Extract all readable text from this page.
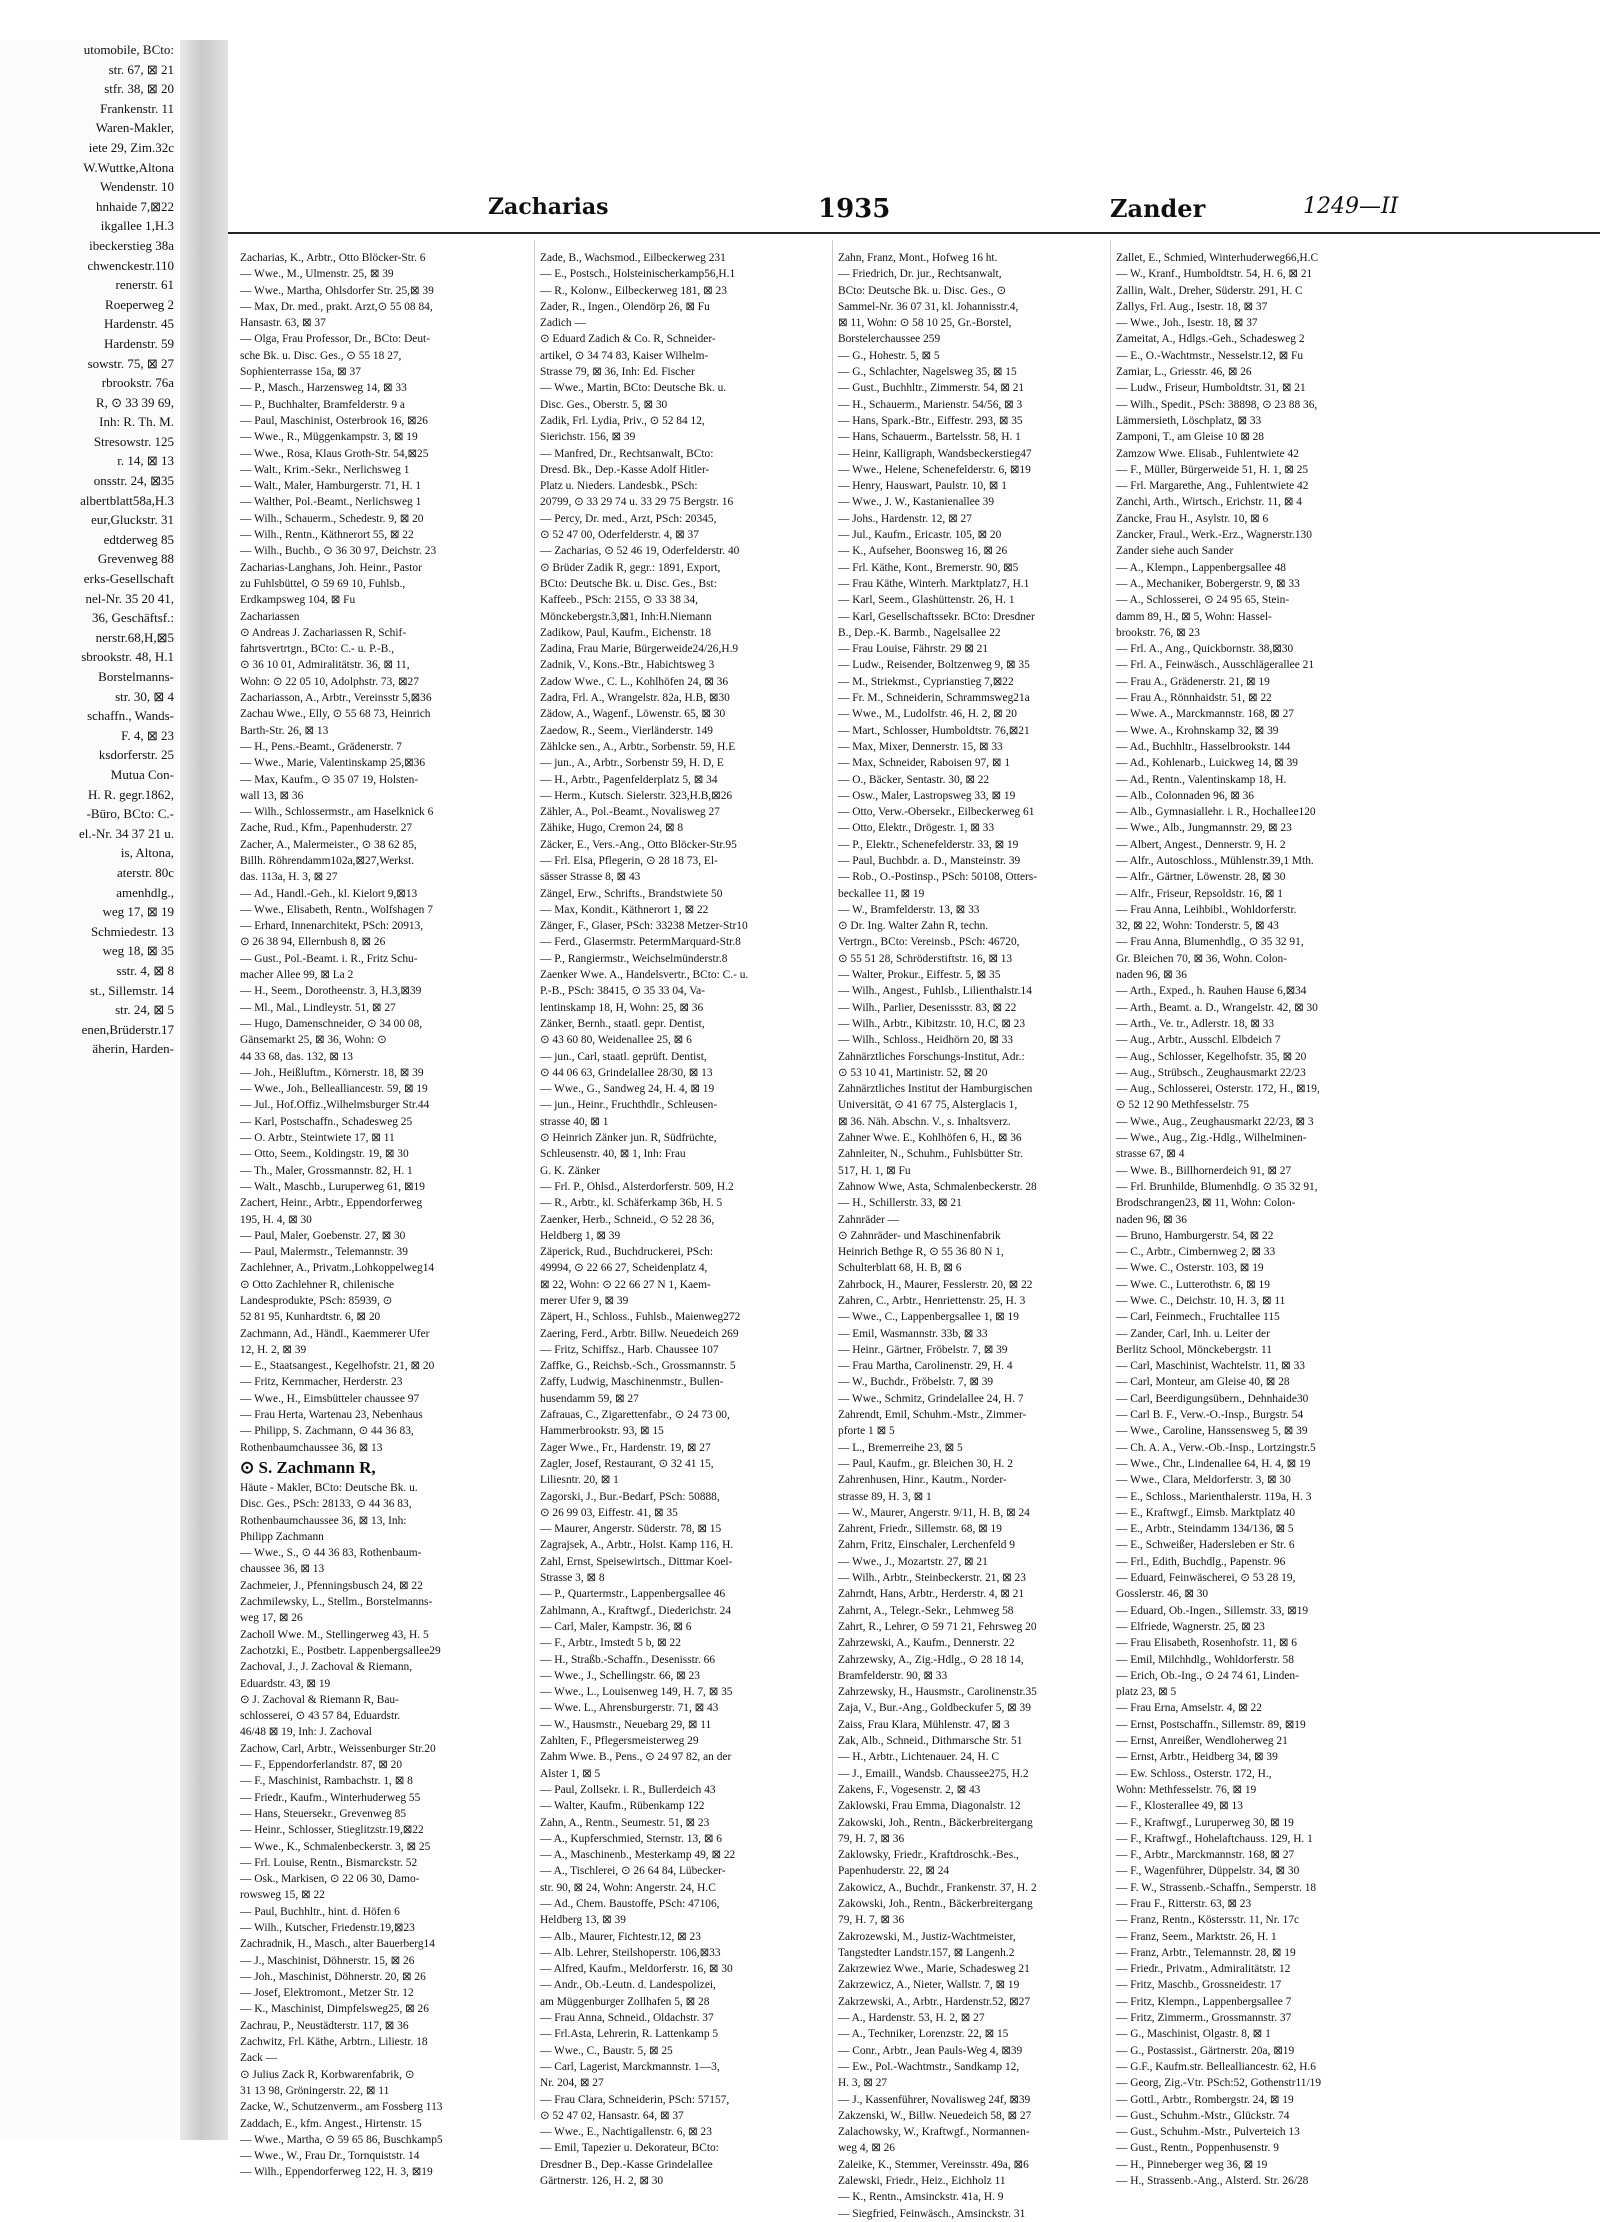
utomobile, BCto:
str. 67, ⊠ 21
stfr. 38, ⊠ 20
Frankenstr. 11
Waren-Makler,
iete 29, Zim.32c
W.Wuttke,Altona
Wendenstr. 10
hnhaide 7,⊠22
ikgallee 1,H.3
ibeckerstieg 38a
chwenckestr.110
renerstr. 61
Roeperweg 2
Hardenstr. 45
Hardenstr. 59
sowstr. 75, ⊠ 27
rbrookstr. 76a
R, ⊙ 33 39 69,
Inh: R. Th. M.
Stresowstr. 125
r. 14, ⊠ 13
onsstr. 24, ⊠35
albertblatt58a,H.3
eur,Gluckstr. 31
edtderweg 85
Grevenweg 88
erks-Gesellschaft
nel-Nr. 35 20 41,
36, Geschäftsf.:
nerstr.68,H,⊠5
sbrookstr. 48, H.1
Borstelmanns-
str. 30, ⊠ 4
schaffn., Wands-
F. 4, ⊠ 23
ksdorferstr. 25
Mutua Con-
H. R. gegr.1862,
-Büro, BCto: C.-
el.-Nr. 34 37 21 u.
is, Altona,
aterstr. 80c
amenhdlg.,
weg 17, ⊠ 19
Schmiedestr. 13
weg 18, ⊠ 35
sstr. 4, ⊠ 8
st., Sillemstr. 14
str. 24, ⊠ 5
enen,Brüderstr.17
äherin, Harden-
Zacharias	1935	Zander	1249—II
Zacharias, K., Arbtr., Otto Blöcker-Str. 6
— Wwe., M., Ulmenstr. 25, ⊠ 39
— Wwe., Martha, Ohlsdorfer Str. 25,⊠ 39
— Max, Dr. med., prakt. Arzt,⊙ 55 08 84,
Hansastr. 63, ⊠ 37
— Olga, Frau Professor, Dr., BCto: Deut-
sche Bk. u. Disc. Ges., ⊙ 55 18 27,
Sophienterrasse 15a, ⊠ 37
— P., Masch., Harzensweg 14, ⊠ 33
— P., Buchhalter, Bramfelderstr. 9 a
— Paul, Maschinist, Osterbrook 16, ⊠26
— Wwe., R., Müggenkampstr. 3, ⊠ 19
— Wwe., Rosa, Klaus Groth-Str. 54,⊠25
— Walt., Krim.-Sekr., Nerlichsweg 1
— Walt., Maler, Hamburgerstr. 71, H. 1
— Walther, Pol.-Beamt., Nerlichsweg 1
— Wilh., Schauerm., Schedestr. 9, ⊠ 20
— Wilh., Rentn., Käthnerort 55, ⊠ 22
— Wilh., Buchb., ⊙ 36 30 97, Deichstr. 23
Zacharias-Langhans, Joh. Heinr., Pastor
zu Fuhlsbüttel, ⊙ 59 69 10, Fuhlsb.,
Erdkampsweg 104, ⊠ Fu
Zachariassen
⊙ Andreas J. Zachariassen R, Schif-
fahrtsvertrtgn., BCto: C.- u. P.-B.,
⊙ 36 10 01, Admiralitätstr. 36, ⊠ 11,
Wohn: ⊙ 22 05 10, Adolphstr. 73, ⊠27
Zachariasson, A., Arbtr., Vereinsstr 5,⊠36
Zachau Wwe., Elly, ⊙ 55 68 73, Heinrich
Barth-Str. 26, ⊠ 13
— H., Pens.-Beamt., Grädenerstr. 7
— Wwe., Marie, Valentinskamp 25,⊠36
— Max, Kaufm., ⊙ 35 07 19, Holsten-
wall 13, ⊠ 36
— Wilh., Schlossermstr., am Haselknick 6
Zache, Rud., Kfm., Papenhuderstr. 27
Zacher, A., Malermeister., ⊙ 38 62 85,
Billh. Röhrendamm102a,⊠27,Werkst.
das. 113a, H. 3, ⊠ 27
— Ad., Handl.-Geh., kl. Kielort 9,⊠13
— Wwe., Elisabeth, Rentn., Wolfshagen 7
— Erhard, Innenarchitekt, PSch: 20913,
⊙ 26 38 94, Ellernbush 8, ⊠ 26
— Gust., Pol.-Beamt. i. R., Fritz Schu-
macher Allee 99, ⊠ La 2
— H., Seem., Dorotheenstr. 3, H.3,⊠39
— Ml., Mal., Lindleystr. 51, ⊠ 27
— Hugo, Damenschneider, ⊙ 34 00 08,
Gänsemarkt 25, ⊠ 36, Wohn: ⊙
44 33 68, das. 132, ⊠ 13
— Joh., Heißluftm., Körnerstr. 18, ⊠ 39
— Wwe., Joh., Bellealliancestr. 59, ⊠ 19
— Jul., Hof.Offiz.,Wilhelmsburger Str.44
— Karl, Postschaffn., Schadesweg 25
— O. Arbtr., Steintwiete 17, ⊠ 11
— Otto, Seem., Koldingstr. 19, ⊠ 30
— Th., Maler, Grossmannstr. 82, H. 1
— Walt., Maschb., Luruperweg 61, ⊠19
Zachert, Heinr., Arbtr., Eppendorferweg
195, H. 4, ⊠ 30
— Paul, Maler, Goebenstr. 27, ⊠ 30
— Paul, Malermstr., Telemannstr. 39
Zachlehner, A., Privatm.,Lohkoppelweg14
⊙ Otto Zachlehner R, chilenische
Landesprodukte, PSch: 85939, ⊙
52 81 95, Kunhardtstr. 6, ⊠ 20
Zachmann, Ad., Händl., Kaemmerer Ufer
12, H. 2, ⊠ 39
— E., Staatsangest., Kegelhofstr. 21, ⊠ 20
— Fritz, Kernmacher, Herderstr. 23
— Wwe., H., Eimsbütteler chaussee 97
— Frau Herta, Wartenau 23, Nebenhaus
— Philipp, S. Zachmann, ⊙ 44 36 83,
Rothenbaumchaussee 36, ⊠ 13
⊙ S. Zachmann R,
Häute - Makler, BCto: Deutsche Bk. u.
Disc. Ges., PSch: 28133, ⊙ 44 36 83,
Rothenbaumchaussee 36, ⊠ 13, Inh:
Philipp Zachmann
— Wwe., S., ⊙ 44 36 83, Rothenbaum-
chaussee 36, ⊠ 13
Zachmeier, J., Pfenningsbusch 24, ⊠ 22
Zachmilewsky, L., Stellm., Borstelmanns-
weg 17, ⊠ 26
Zacholl Wwe. M., Stellingerweg 43, H. 5
Zachotzki, E., Postbetr. Lappenbergsallee29
Zachoval, J., J. Zachoval & Riemann,
Eduardstr. 43, ⊠ 19
⊙ J. Zachoval & Riemann R, Bau-
schlosserei, ⊙ 43 57 84, Eduardstr.
46/48 ⊠ 19, Inh: J. Zachoval
Zachow, Carl, Arbtr., Weissenburger Str.20
— F., Eppendorferlandstr. 87, ⊠ 20
— F., Maschinist, Rambachstr. 1, ⊠ 8
— Friedr., Kaufm., Winterhuderweg 55
— Hans, Steuersekr., Grevenweg 85
— Heinr., Schlosser, Stieglitzstr.19,⊠22
— Wwe., K., Schmalenbeckerstr. 3, ⊠ 25
— Frl. Louise, Rentn., Bismarckstr. 52
— Osk., Markisen, ⊙ 22 06 30, Damo-
rowsweg 15, ⊠ 22
— Paul, Buchhltr., hint. d. Höfen 6
— Wilh., Kutscher, Friedenstr.19,⊠23
Zachradnik, H., Masch., alter Bauerberg14
— J., Maschinist, Döhnerstr. 15, ⊠ 26
— Joh., Maschinist, Döhnerstr. 20, ⊠ 26
— Josef, Elektromont., Metzer Str. 12
— K., Maschinist, Dimpfelsweg25, ⊠ 26
Zachrau, P., Neustädterstr. 117, ⊠ 36
Zachwitz, Frl. Käthe, Arbtrn., Liliestr. 18
Zack —
⊙ Julius Zack R, Korbwarenfabrik, ⊙
31 13 98, Gröningerstr. 22, ⊠ 11
Zacke, W., Schutzenverm., am Fossberg 113
Zaddach, E., kfm. Angest., Hirtenstr. 15
— Wwe., Martha, ⊙ 59 65 86, Buschkamp5
— Wwe., W., Frau Dr., Tornquiststr. 14
— Wilh., Eppendorferweg 122, H. 3, ⊠19
Zade, B., Wachsmod., Eilbeckerweg 231
— E., Postsch., Holsteinischerkamp56,H.1
— R., Kolonw., Eilbeckerweg 181, ⊠ 23
Zader, R., Ingen., Olendörp 26, ⊠ Fu
Zadich —
⊙ Eduard Zadich & Co. R, Schneider-
artikel, ⊙ 34 74 83, Kaiser Wilhelm-
Strasse 79, ⊠ 36, Inh: Ed. Fischer
— Wwe., Martin, BCto: Deutsche Bk. u.
Disc. Ges., Oberstr. 5, ⊠ 30
Zadik, Frl. Lydia, Priv., ⊙ 52 84 12,
Sierichstr. 156, ⊠ 39
— Manfred, Dr., Rechtsanwalt, BCto:
Dresd. Bk., Dep.-Kasse Adolf Hitler-
Platz u. Nieders. Landesbk., PSch:
20799, ⊙ 33 29 74 u. 33 29 75 Bergstr. 16
— Percy, Dr. med., Arzt, PSch: 20345,
⊙ 52 47 00, Oderfelderstr. 4, ⊠ 37
— Zacharias, ⊙ 52 46 19, Oderfelderstr. 40
⊙ Brüder Zadik R, gegr.: 1891, Export,
BCto: Deutsche Bk. u. Disc. Ges., Bst:
Kaffeeb., PSch: 2155, ⊙ 33 38 34,
Mönckebergstr.3,⊠1, Inh:H.Niemann
Zadikow, Paul, Kaufm., Eichenstr. 18
Zadina, Frau Marie, Bürgerweide24/26,H.9
Zadnik, V., Kons.-Btr., Habichtsweg 3
Zadow Wwe., C. L., Kohlhöfen 24, ⊠ 36
Zadra, Frl. A., Wrangelstr. 82a, H.B, ⊠30
Zädow, A., Wagenf., Löwenstr. 65, ⊠ 30
Zaedow, R., Seem., Vierländerstr. 149
Zählcke sen., A., Arbtr., Sorbenstr. 59, H.E
— jun., A., Arbtr., Sorbenstr 59, H. D, E
— H., Arbtr., Pagenfelderplatz 5, ⊠ 34
— Herm., Kutsch. Sielerstr. 323,H.B,⊠26
Zähler, A., Pol.-Beamt., Novalisweg 27
Zähike, Hugo, Cremon 24, ⊠ 8
Zäcker, E., Vers.-Ang., Otto Blöcker-Str.95
— Frl. Elsa, Pflegerin, ⊙ 28 18 73, El-
sässer Strasse 8, ⊠ 43
Zängel, Erw., Schrifts., Brandstwiete 50
— Max, Kondit., Käthnerort 1, ⊠ 22
Zänger, F., Glaser, PSch: 33238 Metzer-Str10
— Ferd., Glasermstr. PetermMarquard-Str.8
— P., Rangiermstr., Weichselmünderstr.8
Zaenker Wwe. A., Handelsvertr., BCto: C.- u.
P.-B., PSch: 38415, ⊙ 35 33 04, Va-
lentinskamp 18, H, Wohn: 25, ⊠ 36
Zänker, Bernh., staatl. gepr. Dentist,
⊙ 43 60 80, Weidenallee 25, ⊠ 6
— jun., Carl, staatl. geprüft. Dentist,
⊙ 44 06 63, Grindelallee 28/30, ⊠ 13
— Wwe., G., Sandweg 24, H. 4, ⊠ 19
— jun., Heinr., Fruchthdlr., Schleusen-
strasse 40, ⊠ 1
⊙ Heinrich Zänker jun. R, Südfrüchte,
Schleusenstr. 40, ⊠ 1, Inh: Frau
G. K. Zänker
— Frl. P., Ohlsd., Alsterdorferstr. 509, H.2
— R., Arbtr., kl. Schäferkamp 36b, H. 5
Zaenker, Herb., Schneid., ⊙ 52 28 36,
Heldberg 1, ⊠ 39
Zäperick, Rud., Buchdruckerei, PSch:
49994, ⊙ 22 66 27, Scheidenplatz 4,
⊠ 22, Wohn: ⊙ 22 66 27 N 1, Kaem-
merer Ufer 9, ⊠ 39
Zäpert, H., Schloss., Fuhlsb., Maienweg272
Zaering, Ferd., Arbtr. Billw. Neuedeich 269
— Fritz, Schiffsz., Harb. Chaussee 107
Zaffke, G., Reichsb.-Sch., Grossmannstr. 5
Zaffy, Ludwig, Maschinenmstr., Bullen-
husendamm 59, ⊠ 27
Zafrauas, C., Zigarettenfabr., ⊙ 24 73 00,
Hammerbrookstr. 93, ⊠ 15
Zager Wwe., Fr., Hardenstr. 19, ⊠ 27
Zagler, Josef, Restaurant, ⊙ 32 41 15,
Liliesntr. 20, ⊠ 1
Zagorski, J., Bur.-Bedarf, PSch: 50888,
⊙ 26 99 03, Eiffestr. 41, ⊠ 35
— Maurer, Angerstr. Süderstr. 78, ⊠ 15
Zagrajsek, A., Arbtr., Holst. Kamp 116, H.
Zahl, Ernst, Speisewirtsch., Dittmar Koel-
Strasse 3, ⊠ 8
— P., Quartermstr., Lappenbergsallee 46
Zahlmann, A., Kraftwgf., Diederichstr. 24
— Carl, Maler, Kampstr. 36, ⊠ 6
— F., Arbtr., Imstedt 5 b, ⊠ 22
— H., Straßb.-Schaffn., Desenisstr. 66
— Wwe., J., Schellingstr. 66, ⊠ 23
— Wwe., L., Louisenweg 149, H. 7, ⊠ 35
— Wwe. L., Ahrensburgerstr. 71, ⊠ 43
— W., Hausmstr., Neuebarg 29, ⊠ 11
Zahlten, F., Pflegersmeisterweg 29
Zahm Wwe. B., Pens., ⊙ 24 97 82, an der
Alster 1, ⊠ 5
— Paul, Zollsekr. i. R., Bullerdeich 43
— Walter, Kaufm., Rübenkamp 122
Zahn, A., Rentn., Seumestr. 51, ⊠ 23
— A., Kupferschmied, Sternstr. 13, ⊠ 6
— A., Maschinenb., Mesterkamp 49, ⊠ 22
— A., Tischlerei, ⊙ 26 64 84, Lübecker-
str. 90, ⊠ 24, Wohn: Angerstr. 24, H.C
— Ad., Chem. Baustoffe, PSch: 47106,
Heldberg 13, ⊠ 39
— Alb., Maurer, Fichtestr.12, ⊠ 23
— Alb. Lehrer, Steilshoperstr. 106,⊠33
— Alfred, Kaufm., Meldorferstr. 16, ⊠ 30
— Andr., Ob.-Leutn. d. Landespolizei,
am Müggenburger Zollhafen 5, ⊠ 28
— Frau Anna, Schneid., Oldachstr. 37
— Frl.Asta, Lehrerin, R. Lattenkamp 5
— Wwe., C., Baustr. 5, ⊠ 25
— Carl, Lagerist, Marckmannstr. 1—3,
Nr. 204, ⊠ 27
— Frau Clara, Schneiderin, PSch: 57157,
⊙ 52 47 02, Hansastr. 64, ⊠ 37
— Wwe., E., Nachtigallenstr. 6, ⊠ 23
— Emil, Tapezier u. Dekorateur, BCto:
Dresdner B., Dep.-Kasse Grindelallee
Gärtnerstr. 126, H. 2, ⊠ 30
Zahn, Franz, Mont., Hofweg 16 ht.
— Friedrich, Dr. jur., Rechtsanwalt,
BCto: Deutsche Bk. u. Disc. Ges., ⊙
Sammel-Nr. 36 07 31, kl. Johannisstr.4,
⊠ 11, Wohn: ⊙ 58 10 25, Gr.-Borstel,
Borstelerchaussee 259
— G., Hohestr. 5, ⊠ 5
— G., Schlachter, Nagelsweg 35, ⊠ 15
— Gust., Buchhltr., Zimmerstr. 54, ⊠ 21
— H., Schauerm., Marienstr. 54/56, ⊠ 3
— Hans, Spark.-Btr., Eiffestr. 293, ⊠ 35
— Hans, Schauerm., Bartelsstr. 58, H. 1
— Heinr, Kalligraph, Wandsbeckerstieg47
— Wwe., Helene, Schenefelderstr. 6, ⊠19
— Henry, Hauswart, Paulstr. 10, ⊠ 1
— Wwe., J. W., Kastanienallee 39
— Johs., Hardenstr. 12, ⊠ 27
— Jul., Kaufm., Ericastr. 105, ⊠ 20
— K., Aufseher, Boonsweg 16, ⊠ 26
— Frl. Käthe, Kont., Bremerstr. 90, ⊠5
— Frau Käthe, Winterh. Marktplatz7, H.1
— Karl, Seem., Glashüttenstr. 26, H. 1
— Karl, Gesellschaftssekr. BCto: Dresdner
B., Dep.-K. Barmb., Nagelsallee 22
— Frau Louise, Fährstr. 29 ⊠ 21
— Ludw., Reisender, Boltzenweg 9, ⊠ 35
— M., Striekmst., Cyprianstieg 7,⊠22
— Fr. M., Schneiderin, Schrammsweg21a
— Wwe., M., Ludolfstr. 46, H. 2, ⊠ 20
— Mart., Schlosser, Humboldtstr. 76,⊠21
— Max, Mixer, Dennerstr. 15, ⊠ 33
— Max, Schneider, Raboisen 97, ⊠ 1
— O., Bäcker, Sentastr. 30, ⊠ 22
— Osw., Maler, Lastropsweg 33, ⊠ 19
— Otto, Verw.-Obersekr., Eilbeckerweg 61
— Otto, Elektr., Drögestr. 1, ⊠ 33
— P., Elektr., Schenefelderstr. 33, ⊠ 19
— Paul, Buchbdr. a. D., Mansteinstr. 39
— Rob., O.-Postinsp., PSch: 50108, Otters-
beckallee 11, ⊠ 19
— W., Bramfelderstr. 13, ⊠ 33
⊙ Dr. Ing. Walter Zahn R, techn.
Vertrgn., BCto: Vereinsb., PSch: 46720,
⊙ 55 51 28, Schröderstiftstr. 16, ⊠ 13
— Walter, Prokur., Eiffestr. 5, ⊠ 35
— Wilh., Angest., Fuhlsb., Lilienthalstr.14
— Wilh., Parlier, Desenissstr. 83, ⊠ 22
— Wilh., Arbtr., Kibitzstr. 10, H.C, ⊠ 23
— Wilh., Schloss., Heidhörn 20, ⊠ 33
Zahnärztliches Forschungs-Institut, Adr.:
⊙ 53 10 41, Martinistr. 52, ⊠ 20
Zahnärztliches Institut der Hamburgischen
Universität, ⊙ 41 67 75, Alsterglacis 1,
⊠ 36. Näh. Abschn. V., s. Inhaltsverz.
Zahner Wwe. E., Kohlhöfen 6, H., ⊠ 36
Zahnleiter, N., Schuhm., Fuhlsbütter Str.
517, H. 1, ⊠ Fu
Zahnow Wwe, Asta, Schmalenbeckerstr. 28
— H., Schillerstr. 33, ⊠ 21
Zahnräder —
⊙ Zahnräder- und Maschinenfabrik
Heinrich Bethge R, ⊙ 55 36 80 N 1,
Schulterblatt 68, H. B, ⊠ 6
Zahrbock, H., Maurer, Fesslerstr. 20, ⊠ 22
Zahren, C., Arbtr., Henriettenstr. 25, H. 3
— Wwe., C., Lappenbergsallee 1, ⊠ 19
— Emil, Wasmannstr. 33b, ⊠ 33
— Heinr., Gärtner, Fröbelstr. 7, ⊠ 39
— Frau Martha, Carolinenstr. 29, H. 4
— W., Buchdr., Fröbelstr. 7, ⊠ 39
— Wwe., Schmitz, Grindelallee 24, H. 7
Zahrendt, Emil, Schuhm.-Mstr., Zimmer-
pforte 1 ⊠ 5
— L., Bremerreihe 23, ⊠ 5
— Paul, Kaufm., gr. Bleichen 30, H. 2
Zahrenhusen, Hinr., Kautm., Norder-
strasse 89, H. 3, ⊠ 1
— W., Maurer, Angerstr. 9/11, H. B, ⊠ 24
Zahrent, Friedr., Sillemstr. 68, ⊠ 19
Zahrn, Fritz, Einschaler, Lerchenfeld 9
— Wwe., J., Mozartstr. 27, ⊠ 21
— Wilh., Arbtr., Steinbeckerstr. 21, ⊠ 23
Zahrndt, Hans, Arbtr., Herderstr. 4, ⊠ 21
Zahrnt, A., Telegr.-Sekr., Lehmweg 58
Zahrt, R., Lehrer, ⊙ 59 71 21, Fehrsweg 20
Zahrzewski, A., Kaufm., Dennerstr. 22
Zahrzewsky, A., Zig.-Hdlg., ⊙ 28 18 14,
Bramfelderstr. 90, ⊠ 33
Zahrzewsky, H., Hausmstr., Carolinenstr.35
Zaja, V., Bur.-Ang., Goldbeckufer 5, ⊠ 39
Zaiss, Frau Klara, Mühlenstr. 47, ⊠ 3
Zak, Alb., Schneid., Dithmarsche Str. 51
— H., Arbtr., Lichtenauer. 24, H. C
— J., Emaill., Wandsb. Chaussee275, H.2
Zakens, F., Vogesenstr. 2, ⊠ 43
Zaklowski, Frau Emma, Diagonalstr. 12
Zakowski, Joh., Rentn., Bäckerbreitergang
79, H. 7, ⊠ 36
Zaklowsky, Friedr., Kraftdroschk.-Bes.,
Papenhuderstr. 22, ⊠ 24
Zakowicz, A., Buchdr., Frankenstr. 37, H. 2
Zakowski, Joh., Rentn., Bäckerbreitergang
79, H. 7, ⊠ 36
Zakrozewski, M., Justiz-Wachtmeister,
Tangstedter Landstr.157, ⊠ Langenh.2
Zakrzewiez Wwe., Marie, Schadesweg 21
Zakrzewicz, A., Nieter, Wallstr. 7, ⊠ 19
Zakrzewski, A., Arbtr., Hardenstr.52, ⊠27
— A., Hardenstr. 53, H. 2, ⊠ 27
— A., Techniker, Lorenzstr. 22, ⊠ 15
— Conr., Arbtr., Jean Pauls-Weg 4, ⊠39
— Ew., Pol.-Wachtmstr., Sandkamp 12,
H. 3, ⊠ 27
— J., Kassenführer, Novalisweg 24f, ⊠39
Zakzenski, W., Billw. Neuedeich 58, ⊠ 27
Zalachowsky, W., Kraftwgf., Normannen-
weg 4, ⊠ 26
Zaleike, K., Stemmer, Vereinsstr. 49a, ⊠6
Zalewski, Friedr., Heiz., Eichholz 11
— K., Rentn., Amsinckstr. 41a, H. 9
— Siegfried, Feinwäsch., Amsinckstr. 31
Zallet, E., Schmied, Winterhuderweg66,H.C
— W., Kranf., Humboldtstr. 54, H. 6, ⊠ 21
Zallin, Walt., Dreher, Süderstr. 291, H. C
Zallys, Frl. Aug., Isestr. 18, ⊠ 37
— Wwe., Joh., Isestr. 18, ⊠ 37
Zameitat, A., Hdlgs.-Geh., Schadesweg 2
— E., O.-Wachtmstr., Nesselstr.12, ⊠ Fu
Zamiar, L., Griesstr. 46, ⊠ 26
— Ludw., Friseur, Humboldtstr. 31, ⊠ 21
— Wilh., Spedit., PSch: 38898, ⊙ 23 88 36,
Lämmersieth, Löschplatz, ⊠ 33
Zamponi, T., am Gleise 10 ⊠ 28
Zamzow Wwe. Elisab., Fuhlentwiete 42
— F., Müller, Bürgerweide 51, H. 1, ⊠ 25
— Frl. Margarethe, Ang., Fuhlentwiete 42
Zanchi, Arth., Wirtsch., Erichstr. 11, ⊠ 4
Zancke, Frau H., Asylstr. 10, ⊠ 6
Zancker, Fraul., Werk.-Erz., Wagnerstr.130
Zander siehe auch Sander
— A., Klempn., Lappenbergsallee 48
— A., Mechaniker, Bobergerstr. 9, ⊠ 33
— A., Schlosserei, ⊙ 24 95 65, Stein-
damm 89, H., ⊠ 5, Wohn: Hassel-
brookstr. 76, ⊠ 23
— Frl. A., Ang., Quickbornstr. 38,⊠30
— Frl. A., Feinwäsch., Ausschlägerallee 21
— Frau A., Grädenerstr. 21, ⊠ 19
— Frau A., Rönnhaidstr. 51, ⊠ 22
— Wwe. A., Marckmannstr. 168, ⊠ 27
— Wwe. A., Krohnskamp 32, ⊠ 39
— Ad., Buchhltr., Hasselbrookstr. 144
— Ad., Kohlenarb., Luickweg 14, ⊠ 39
— Ad., Rentn., Valentinskamp 18, H.
— Alb., Colonnaden 96, ⊠ 36
— Alb., Gymnasiallehr. i. R., Hochallee120
— Wwe., Alb., Jungmannstr. 29, ⊠ 23
— Albert, Angest., Dennerstr. 9, H. 2
— Alfr., Autoschloss., Mühlenstr.39,1 Mth.
— Alfr., Gärtner, Löwenstr. 28, ⊠ 30
— Alfr., Friseur, Repsoldstr. 16, ⊠ 1
— Frau Anna, Leihbibl., Wohldorferstr.
32, ⊠ 22, Wohn: Tonderstr. 5, ⊠ 43
— Frau Anna, Blumenhdlg., ⊙ 35 32 91,
Gr. Bleichen 70, ⊠ 36, Wohn. Colon-
naden 96, ⊠ 36
— Arth., Exped., h. Rauhen Hause 6,⊠34
— Arth., Beamt. a. D., Wrangelstr. 42, ⊠ 30
— Arth., Ve. tr., Adlerstr. 18, ⊠ 33
— Aug., Arbtr., Ausschl. Elbdeich 7
— Aug., Schlosser, Kegelhofstr. 35, ⊠ 20
— Aug., Strübsch., Zeughausmarkt 22/23
— Aug., Schlosserei, Osterstr. 172, H., ⊠19,
⊙ 52 12 90 Methfesselstr. 75
— Wwe., Aug., Zeughausmarkt 22/23, ⊠ 3
— Wwe., Aug., Zig.-Hdlg., Wilhelminen-
strasse 67, ⊠ 4
— Wwe. B., Billhornerdeich 91, ⊠ 27
— Frl. Brunhilde, Blumenhdlg. ⊙ 35 32 91,
Brodschrangen23, ⊠ 11, Wohn: Colon-
naden 96, ⊠ 36
— Bruno, Hamburgerstr. 54, ⊠ 22
— C., Arbtr., Cimbernweg 2, ⊠ 33
— Wwe. C., Osterstr. 103, ⊠ 19
— Wwe. C., Lutterothstr. 6, ⊠ 19
— Wwe. C., Deichstr. 10, H. 3, ⊠ 11
— Carl, Feinmech., Fruchtallee 115
— Zander, Carl, Inh. u. Leiter der
Berlitz School, Mönckebergstr. 11
— Carl, Maschinist, Wachtelstr. 11, ⊠ 33
— Carl, Monteur, am Gleise 40, ⊠ 28
— Carl, Beerdigungsübern., Dehnhaide30
— Carl B. F., Verw.-O.-Insp., Burgstr. 54
— Wwe., Caroline, Hanssensweg 5, ⊠ 39
— Ch. A. A., Verw.-Ob.-Insp., Lortzingstr.5
— Wwe., Chr., Lindenallee 64, H. 4, ⊠ 19
— Wwe., Clara, Meldorferstr. 3, ⊠ 30
— E., Schloss., Marienthalerstr. 119a, H. 3
— E., Kraftwgf., Eimsb. Marktplatz 40
— E., Arbtr., Steindamm 134/136, ⊠ 5
— E., Schweißer, Hadersleben er Str. 6
— Frl., Edith, Buchdlg., Papenstr. 96
— Eduard, Feinwäscherei, ⊙ 53 28 19,
Gosslerstr. 46, ⊠ 30
— Eduard, Ob.-Ingen., Sillemstr. 33, ⊠19
— Elfriede, Wagnerstr. 25, ⊠ 23
— Frau Elisabeth, Rosenhofstr. 11, ⊠ 6
— Emil, Milchhdlg., Wohldorferstr. 58
— Erich, Ob.-Ing., ⊙ 24 74 61, Linden-
platz 23, ⊠ 5
— Frau Erna, Amselstr. 4, ⊠ 22
— Ernst, Postschaffn., Sillemstr. 89, ⊠19
— Ernst, Anreißer, Wendloherweg 21
— Ernst, Arbtr., Heidberg 34, ⊠ 39
— Ew. Schloss., Osterstr. 172, H.,
Wohn: Methfesselstr. 76, ⊠ 19
— F., Klosterallee 49, ⊠ 13
— F., Kraftwgf., Luruperweg 30, ⊠ 19
— F., Kraftwgf., Hohelaftchauss. 129, H. 1
— F., Arbtr., Marckmannstr. 168, ⊠ 27
— F., Wagenführer, Düppelstr. 34, ⊠ 30
— F. W., Strassenb.-Schaffn., Semperstr. 18
— Frau F., Ritterstr. 63, ⊠ 23
— Franz, Rentn., Köstersstr. 11, Nr. 17c
— Franz, Seem., Marktstr. 26, H. 1
— Franz, Arbtr., Telemannstr. 28, ⊠ 19
— Friedr., Privatm., Admiralitätstr. 12
— Fritz, Maschb., Grossneidestr. 17
— Fritz, Klempn., Lappenbergsallee 7
— Fritz, Zimmerm., Grossmannstr. 37
— G., Maschinist, Olgastr. 8, ⊠ 1
— G., Postassist., Gärtnerstr. 20a, ⊠19
— G.F., Kaufm.str. Bellealliancestr. 62, H.6
— Georg, Zig.-Vtr. PSch:52, Gothenstr11/19
— Gottl., Arbtr., Rombergstr. 24, ⊠ 19
— Gust., Schuhm.-Mstr., Glückstr. 74
— Gust., Schuhm.-Mstr., Pulverteich 13
— Gust., Rentn., Poppenhusenstr. 9
— H., Pinneberger weg 36, ⊠ 19
— H., Strassenb.-Ang., Alsterd. Str. 26/28
